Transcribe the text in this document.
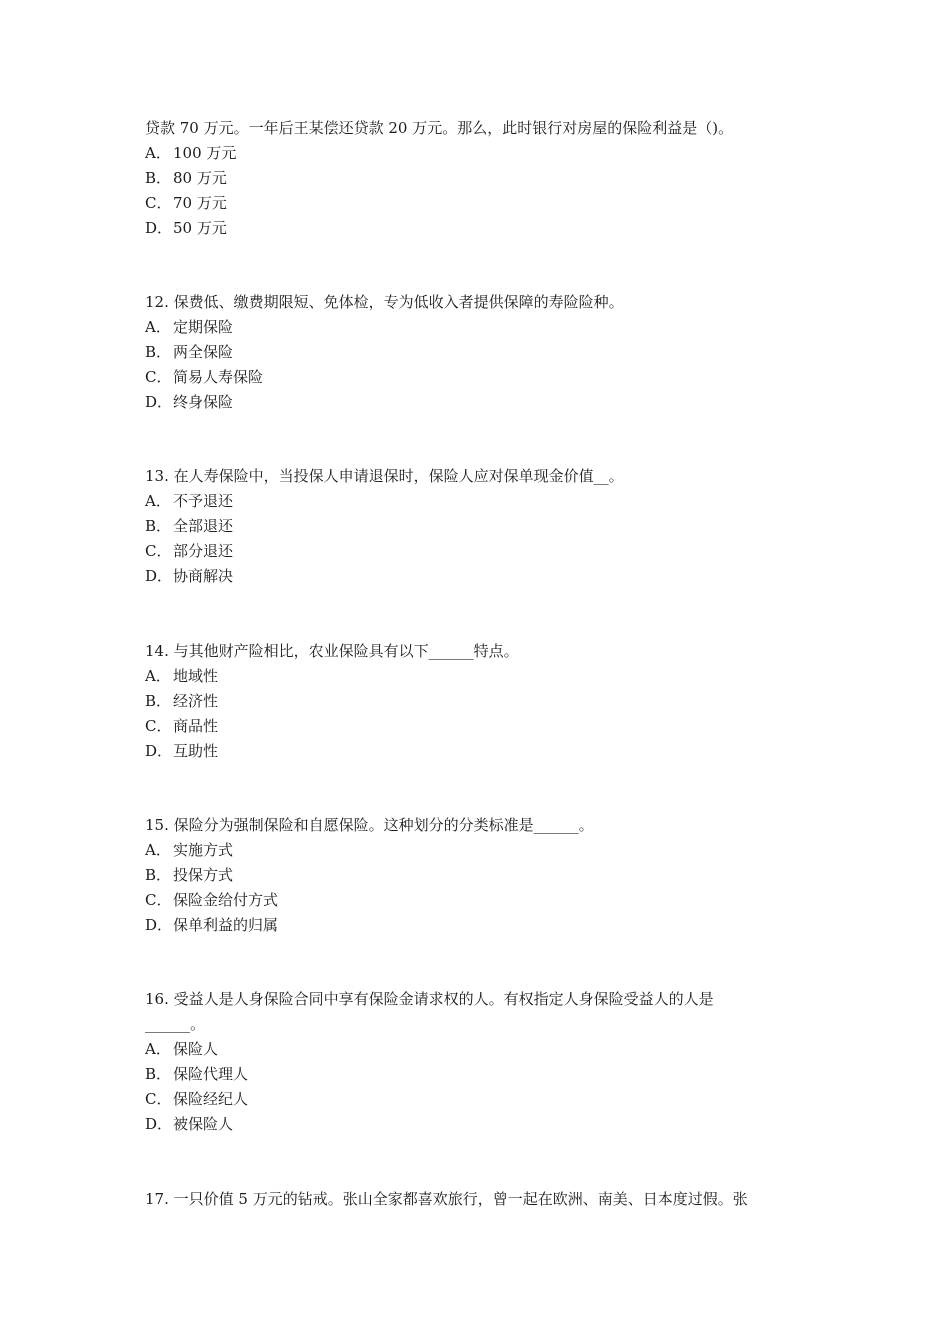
贷款 70 万元。一年后王某偿还贷款 20 万元。那么，此时银行对房屋的保险利益是（)。
A． 100 万元
B． 80 万元
C． 70 万元
D．50 万元
12. 保费低、缴费期限短、免体检，专为低收入者提供保障的寿险险种。
A． 定期保险
B． 两全保险
C． 简易人寿保险
D．终身保险
13. 在人寿保险中，当投保人申请退保时，保险人应对保单现金价值__。
A． 不予退还
B． 全部退还
C． 部分退还
D．协商解决
14. 与其他财产险相比，农业保险具有以下______特点。
A． 地域性
B． 经济性
C． 商品性
D．互助性
15. 保险分为强制保险和自愿保险。这种划分的分类标准是______。
A． 实施方式
B． 投保方式
C． 保险金给付方式
D．保单利益的归属
16. 受益人是人身保险合同中享有保险金请求权的人。有权指定人身保险受益人的人是
______。
A． 保险人
B． 保险代理人
C． 保险经纪人
D．被保险人
17. 一只价值 5 万元的钻戒。张山全家都喜欢旅行，曾一起在欧洲、南美、日本度过假。张
